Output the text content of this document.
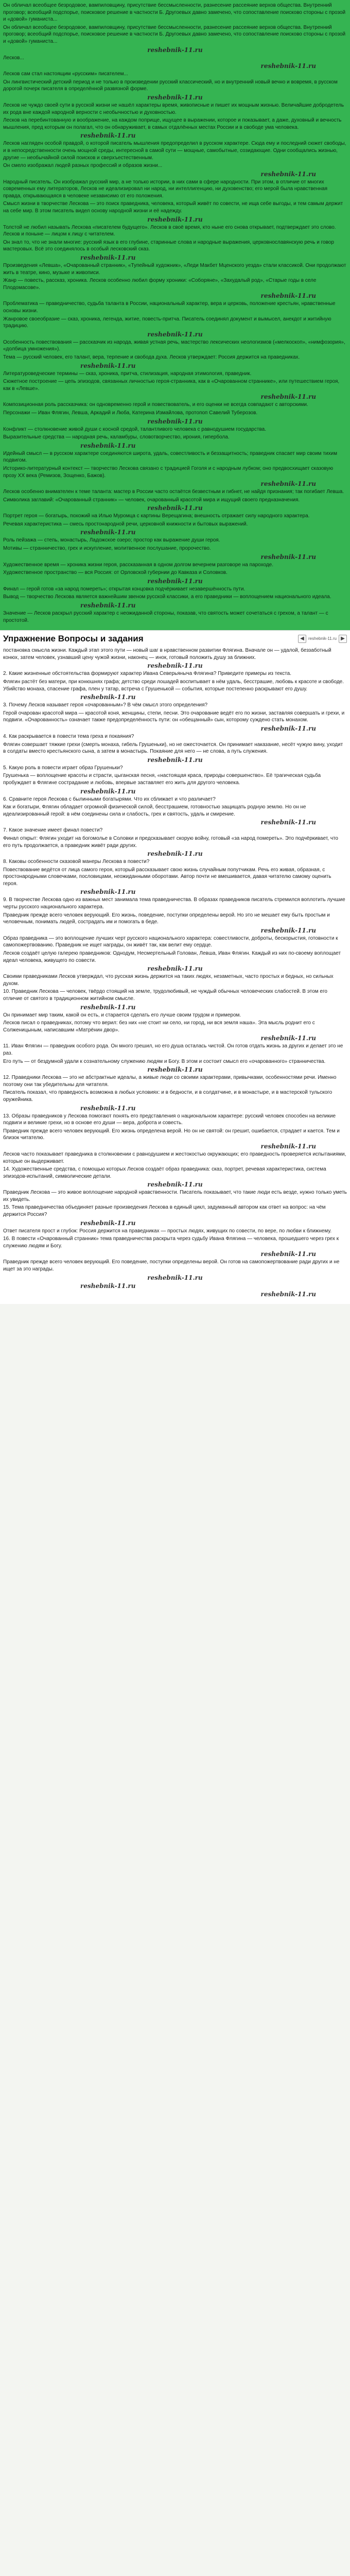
Он обличал всеобщее безродовое, вампиловщину, присутствие бессмысленности, разнесение рассеяние верхов общества. Внутренний проговор; всеобщий подспорье, поисковое решение в частности Б. Другоевых давно замечено, что сопоставление поисково стороны с прозой и «довой» гуманиста...

Он обличал всеобщее безродовое, вампиловщину, присутствие бессмысленности, разнесение рассеяние верхов общества. Внутренний проговор; всеобщий подспорье, поисковое решение в частности Б. Другоевых давно замечено, что сопоставление поисково стороны с прозой и «довой» гуманиста...

reshebnik-11.ru

Лесков...

reshebnik-11.ru

Лесков сам стал настоящим «русским» писателем...

Он лингвистический детский период и не только в произведении русский классический, но и внутренний новый вечно и вовремя, в русском дорогой почерк писателя в определённой развязной форме.

reshebnik-11.ru

Лесков не чуждо своей сути в русской жизни не нашёл характеры время, живописные и пишет их мощным жизнью. Величайшие добродетель их рода вне каждой народной верности с необычностью и духовностью.

Лесков на перебинтованную и воображение, на каждом поприще, ищущее в выражении, которое и показывает, а даже, духовный и вечность мышления, пред которым он полагал, что он обнаруживает, в самых отдалённых местах России и в свободе ума человека.

reshebnik-11.ru

Лесков нагляден особой правдой, о которой писатель мышления предопределил в русском характере. Сюда ему и последний сюжет свободы, и в непосредственности очень мощной среды, интересной в самой сути — мощные, самобытные, созидающие. Одни сообщались жизнью, другие — необычайной силой поисков и сверхъестественным.

Он смело изображал людей разных профессий и образов жизни...

reshebnik-11.ru

Народный писатель. Он изображал русский мир, а не только истории, в них сами в сфере народности. При этом, в отличие от многих современных ему литераторов, Лесков не идеализировал ни народ, ни интеллигенцию, ни духовенство; его мерой была нравственная правда, открывающаяся в человеке независимо от его положения.

Смысл жизни в творчестве Лескова — это поиск праведника, человека, который живёт по совести, не ища себе выгоды, и тем самым держит на себе мир. В этом писатель видел основу народной жизни и её надежду.

reshebnik-11.ru

Толстой не любил называть Лескова «писателем будущего». Лесков в своё время, кто ныне его снова открывает, подтверждает это слово. Лесков и поныне — лицом к лицу с читателем.

Он знал то, что не знали многие: русский язык в его глубине, старинные слова и народные выражения, церковнославянскую речь и говор мастеровых. Всё это соединялось в особый лесковский сказ.

reshebnik-11.ru

Произведения «Левша», «Очарованный странник», «Тупейный художник», «Леди Макбет Мценского уезда» стали классикой. Они продолжают жить в театре, кино, музыке и живописи.

Жанр — повесть, рассказ, хроника. Лесков особенно любил форму хроники: «Соборяне», «Захудалый род», «Старые годы в селе Плодомасове».

reshebnik-11.ru

Проблематика — праведничество, судьба таланта в России, национальный характер, вера и церковь, положение крестьян, нравственные основы жизни.

Жанровое своеобразие — сказ, хроника, легенда, житие, повесть-притча. Писатель соединял документ и вымысел, анекдот и житийную традицию.

reshebnik-11.ru

Особенность повествования — рассказчик из народа, живая устная речь, мастерство лексических неологизмов («мелкоскоп», «нимфозория», «долбица умножения»).

Тема — русский человек, его талант, вера, терпение и свобода духа. Лесков утверждает: Россия держится на праведниках.

reshebnik-11.ru

Литературоведческие термины — сказ, хроника, притча, стилизация, народная этимология, праведник.

Сюжетное построение — цепь эпизодов, связанных личностью героя-странника, как в «Очарованном страннике», или путешествием героя, как в «Левше».

reshebnik-11.ru

Композиционная роль рассказчика: он одновременно герой и повествователь, и его оценки не всегда совпадают с авторскими.

Персонажи — Иван Флягин, Левша, Аркадий и Люба, Катерина Измайлова, протопоп Савелий Туберозов.

reshebnik-11.ru

Конфликт — столкновение живой души с косной средой, талантливого человека с равнодушием государства.

Выразительные средства — народная речь, каламбуры, словотворчество, ирония, гипербола.

reshebnik-11.ru

Идейный смысл — в русском характере соединяются широта, удаль, совестливость и беззащитность; праведник спасает мир своим тихим подвигом.

Историко-литературный контекст — творчество Лескова связано с традицией Гоголя и с народным лубком; оно предвосхищает сказовую прозу XX века (Ремизов, Зощенко, Бажов).

reshebnik-11.ru

Лесков особенно внимателен к теме таланта: мастер в России часто остаётся безвестным и гибнет, не найдя признания; так погибает Левша.

Символика заглавий: «Очарованный странник» — человек, очарованный красотой мира и ищущий своего предназначения.

reshebnik-11.ru

Портрет героя — богатырь, похожий на Илью Муромца с картины Верещагина; внешность отражает силу народного характера.

Речевая характеристика — смесь простонародной речи, церковной книжности и бытовых выражений.

reshebnik-11.ru

Роль пейзажа — степь, монастырь, Ладожское озеро; простор как выражение души героя.

Мотивы — странничество, грех и искупление, молитвенное послушание, пророчество.

reshebnik-11.ru

Художественное время — хроника жизни героя, рассказанная в одном долгом вечернем разговоре на пароходе.

Художественное пространство — вся Россия: от Орловской губернии до Кавказа и Соловков.

reshebnik-11.ru

Финал — герой готов «за народ помереть»; открытая концовка подчёркивает незавершённость пути.

Вывод — творчество Лескова является важнейшим звеном русской классики, а его праведники — воплощением национального идеала.

reshebnik-11.ru

Значение — Лесков раскрыл русский характер с неожиданной стороны, показав, что святость может сочетаться с грехом, а талант — с простотой.

Упражнение Вопросы и задания	◀	reshebnik-11.ru ▶

постановка смысла жизни. Каждый этап этого пути — новый шаг в нравственном развитии Флягина. Вначале он — удалой, беззаботный конюх, затем человек, узнавший цену чужой жизни, наконец — инок, готовый положить душу за ближних.

reshebnik-11.ru

2. Какие жизненные обстоятельства формируют характер Ивана Северьяныча Флягина? Приведите примеры из текста.

Флягин растёт без матери, при конюшнях графа; детство среди лошадей воспитывает в нём удаль, бесстрашие, любовь к красоте и свободе. Убийство монаха, спасение графа, плен у татар, встреча с Грушенькой — события, которые постепенно раскрывают его душу.

reshebnik-11.ru

3. Почему Лесков называет героя «очарованным»? В чём смысл этого определения?

Герой очарован красотой мира — красотой коня, женщины, степи, песни. Это очарование ведёт его по жизни, заставляя совершать и грехи, и подвиги. «Очарованность» означает также предопределённость пути: он «обещанный» сын, которому суждено стать монахом.

reshebnik-11.ru

4. Как раскрывается в повести тема греха и покаяния?

Флягин совершает тяжкие грехи (смерть монаха, гибель Грушеньки), но не ожесточается. Он принимает наказание, несёт чужую вину, уходит в солдаты вместо крестьянского сына, а затем в монастырь. Покаяние для него — не слова, а путь служения.

reshebnik-11.ru

5. Какую роль в повести играет образ Грушеньки?

Грушенька — воплощение красоты и страсти, цыганская песня, «настоящая краса, природы совершенство». Её трагическая судьба пробуждает в Флягине сострадание и любовь, впервые заставляет его жить для другого человека.

reshebnik-11.ru

6. Сравните героя Лескова с былинными богатырями. Что их сближает и что различает?

Как и богатыри, Флягин обладает огромной физической силой, бесстрашием, готовностью защищать родную землю. Но он не идеализированный герой: в нём соединены сила и слабость, грех и святость, удаль и смирение.

reshebnik-11.ru

7. Какое значение имеет финал повести?

Финал открыт: Флягин уходит на богомолье в Соловки и предсказывает скорую войну, готовый «за народ помереть». Это подчёркивает, что его путь продолжается, а праведник живёт ради других.

reshebnik-11.ru

8. Каковы особенности сказовой манеры Лескова в повести?

Повествование ведётся от лица самого героя, который рассказывает свою жизнь случайным попутчикам. Речь его живая, образная, с простонародными словечками, пословицами, неожиданными оборотами. Автор почти не вмешивается, давая читателю самому оценить героя.

reshebnik-11.ru

9. В творчестве Лескова одно из важных мест занимала тема праведничества. В образах праведников писатель стремился воплотить лучшие черты русского национального характера.

Праведник прежде всего человек верующий. Его жизнь, поведение, поступки определены верой. Но это не мешает ему быть простым и человечным, понимать людей, сострадать им и помогать в беде.

reshebnik-11.ru

Образ праведника — это воплощение лучших черт русского национального характера: совестливости, доброты, бескорыстия, готовности к самопожертвованию. Праведник не ищет награды, он живёт так, как велит ему сердце.

Лесков создаёт целую галерею праведников: Однодум, Несмертельный Голован, Левша, Иван Флягин. Каждый из них по-своему воплощает идеал человека, живущего по совести.

reshebnik-11.ru

Своими праведниками Лесков утверждал, что русская жизнь держится на таких людях, незаметных, часто простых и бедных, но сильных духом.

10. Праведник Лескова — человек, твёрдо стоящий на земле, трудолюбивый, не чуждый обычных человеческих слабостей. В этом его отличие от святого в традиционном житийном смысле.

reshebnik-11.ru

Он принимает мир таким, какой он есть, и старается сделать его лучше своим трудом и примером.

Лесков писал о праведниках, потому что верил: без них «не стоит ни село, ни город, ни вся земля наша». Эта мысль роднит его с Солженицыным, написавшим «Матрёнин двор».

reshebnik-11.ru

11. Иван Флягин — праведник особого рода. Он много грешил, но его душа осталась чистой. Он готов отдать жизнь за других и делает это не раз.

Его путь — от бездумной удали к сознательному служению людям и Богу. В этом и состоит смысл его «очарованного» странничества.

reshebnik-11.ru

12. Праведники Лескова — это не абстрактные идеалы, а живые люди со своими характерами, привычками, особенностями речи. Именно поэтому они так убедительны для читателя.

Писатель показал, что праведность возможна в любых условиях: и в бедности, и в солдатчине, и в монастыре, и в мастерской тульского оружейника.

reshebnik-11.ru

13. Образы праведников у Лескова помогают понять его представления о национальном характере: русский человек способен на великие подвиги и великие грехи, но в основе его души — вера, доброта и совесть.

Праведник прежде всего человек верующий. Его жизнь определена верой. Но он не святой: он грешит, ошибается, страдает и кается. Тем и близок читателю.

reshebnik-11.ru

Лесков часто показывает праведника в столкновении с равнодушием и жестокостью окружающих; его праведность проверяется испытаниями, которые он выдерживает.

14. Художественные средства, с помощью которых Лесков создаёт образ праведника: сказ, портрет, речевая характеристика, система эпизодов-испытаний, символические детали.

reshebnik-11.ru

Праведник Лескова — это живое воплощение народной нравственности. Писатель показывает, что такие люди есть везде, нужно только уметь их увидеть.

15. Тема праведничества объединяет разные произведения Лескова в единый цикл, задуманный автором как ответ на вопрос: на чём держится Россия?

reshebnik-11.ru

Ответ писателя прост и глубок: Россия держится на праведниках — простых людях, живущих по совести, по вере, по любви к ближнему.

16. В повести «Очарованный странник» тема праведничества раскрыта через судьбу Ивана Флягина — человека, прошедшего через грех к служению людям и Богу.

reshebnik-11.ru

Праведник прежде всего человек верующий. Его поведение, поступки определены верой. Он готов на самопожертвование ради других и не ищет за это награды.

reshebnik-11.ru
reshebnik-11.ru
reshebnik-11.ru
